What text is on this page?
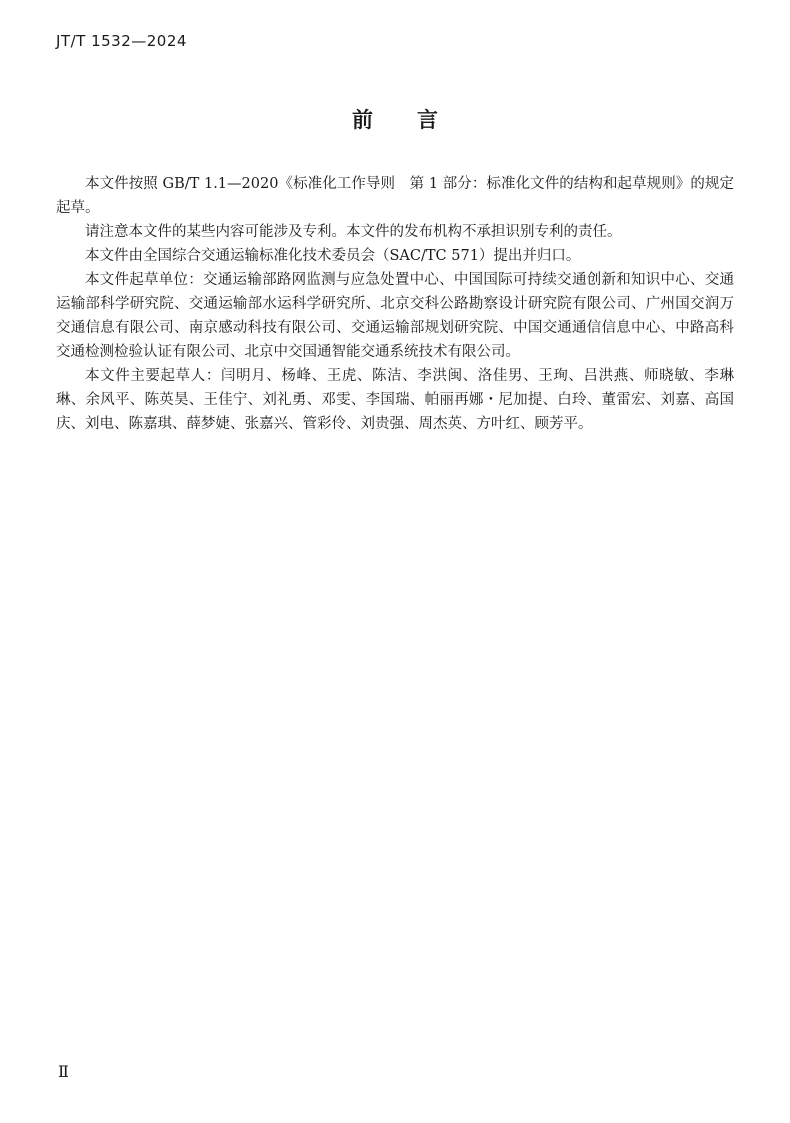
JT/T 1532—2024
前言

本文件按照 GB/T 1.1—2020《标准化工作导则　第 1 部分：标准化文件的结构和起草规则》的规定起草。

请注意本文件的某些内容可能涉及专利。本文件的发布机构不承担识别专利的责任。

本文件由全国综合交通运输标准化技术委员会（SAC/TC 571）提出并归口。

本文件起草单位：交通运输部路网监测与应急处置中心、中国国际可持续交通创新和知识中心、交通运输部科学研究院、交通运输部水运科学研究所、北京交科公路勘察设计研究院有限公司、广州国交润万交通信息有限公司、南京感动科技有限公司、交通运输部规划研究院、中国交通通信信息中心、中路高科交通检测检验认证有限公司、北京中交国通智能交通系统技术有限公司。

本文件主要起草人：闫明月、杨峰、王虎、陈洁、李洪闽、洛佳男、王珣、吕洪燕、师晓敏、李琳琳、余风平、陈英昊、王佳宁、刘礼勇、邓雯、李国瑞、帕丽再娜・尼加提、白玲、董雷宏、刘嘉、高国庆、刘电、陈嘉琪、薛梦婕、张嘉兴、管彩伶、刘贵强、周杰英、方叶红、顾芳平。

Ⅱ
